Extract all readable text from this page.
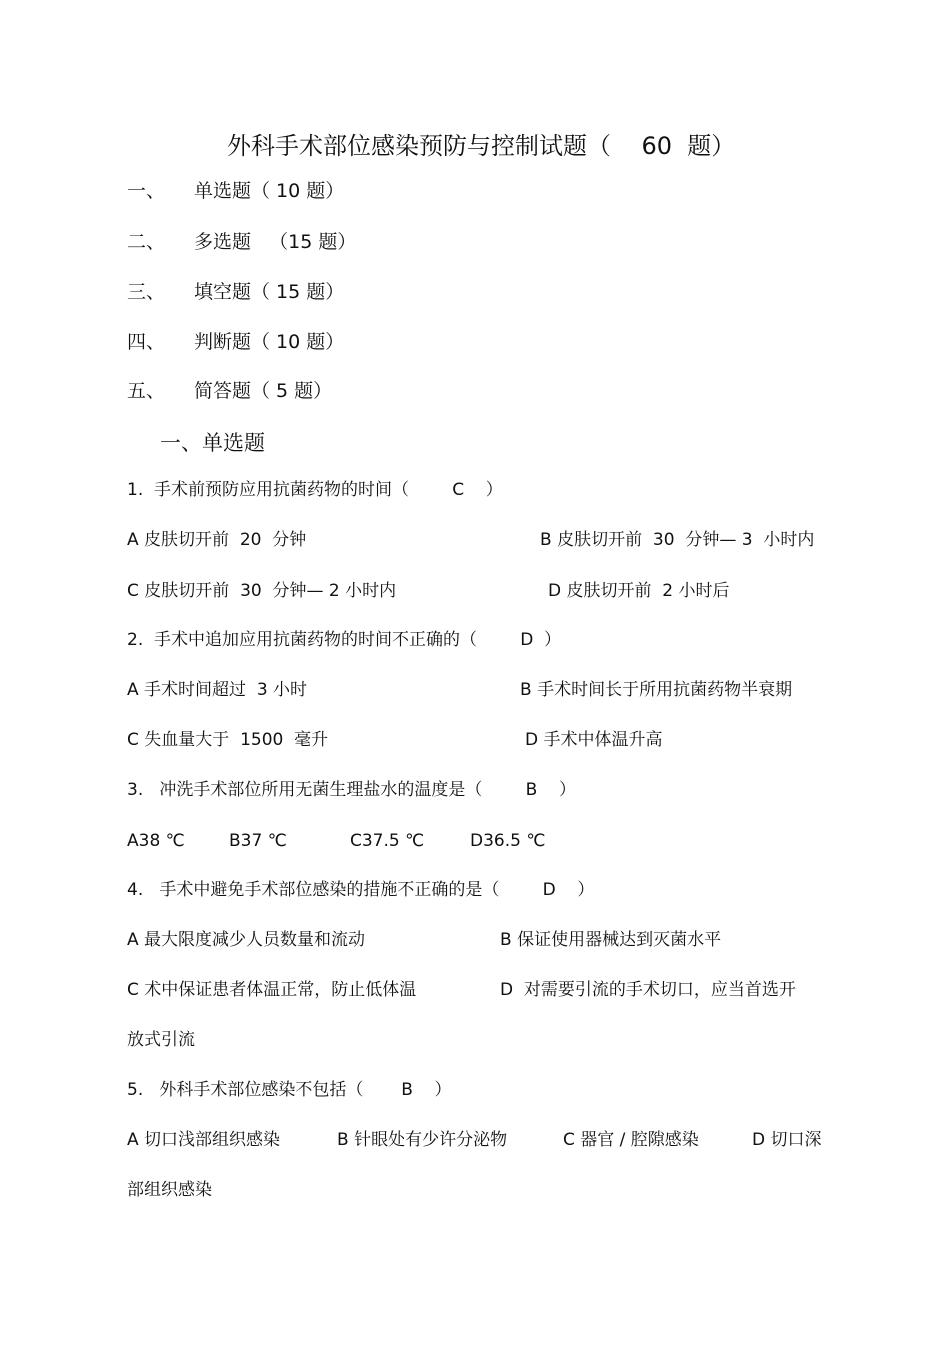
外科手术部位感染预防与控制试题（    60  题）
一、 单选题（ 10 题）
二、 多选题   （15 题）
三、 填空题（ 15 题）
四、 判断题（ 10 题）
五、 简答题（ 5 题）
一、单选题
1.  手术前预防应用抗菌药物的时间（        C    ）
A 皮肤切开前  20  分钟	B 皮肤切开前  30  分钟— 3  小时内
C 皮肤切开前  30  分钟— 2 小时内	D 皮肤切开前  2 小时后
2.  手术中追加应用抗菌药物的时间不正确的（        D  ）
A 手术时间超过  3 小时	B 手术时间长于所用抗菌药物半衰期
C 失血量大于  1500  毫升	D 手术中体温升高
3.   冲洗手术部位所用无菌生理盐水的温度是（        B    ）
A38 ℃	B37 ℃	C37.5 ℃	D36.5 ℃
4.   手术中避免手术部位感染的措施不正确的是（        D    ）
A 最大限度减少人员数量和流动	B 保证使用器械达到灭菌水平
C 术中保证患者体温正常，防止低体温	D  对需要引流的手术切口，应当首选开
放式引流
5.   外科手术部位感染不包括（       B    ）
A 切口浅部组织感染	B 针眼处有少许分泌物	C 器官 / 腔隙感染	D 切口深
部组织感染
